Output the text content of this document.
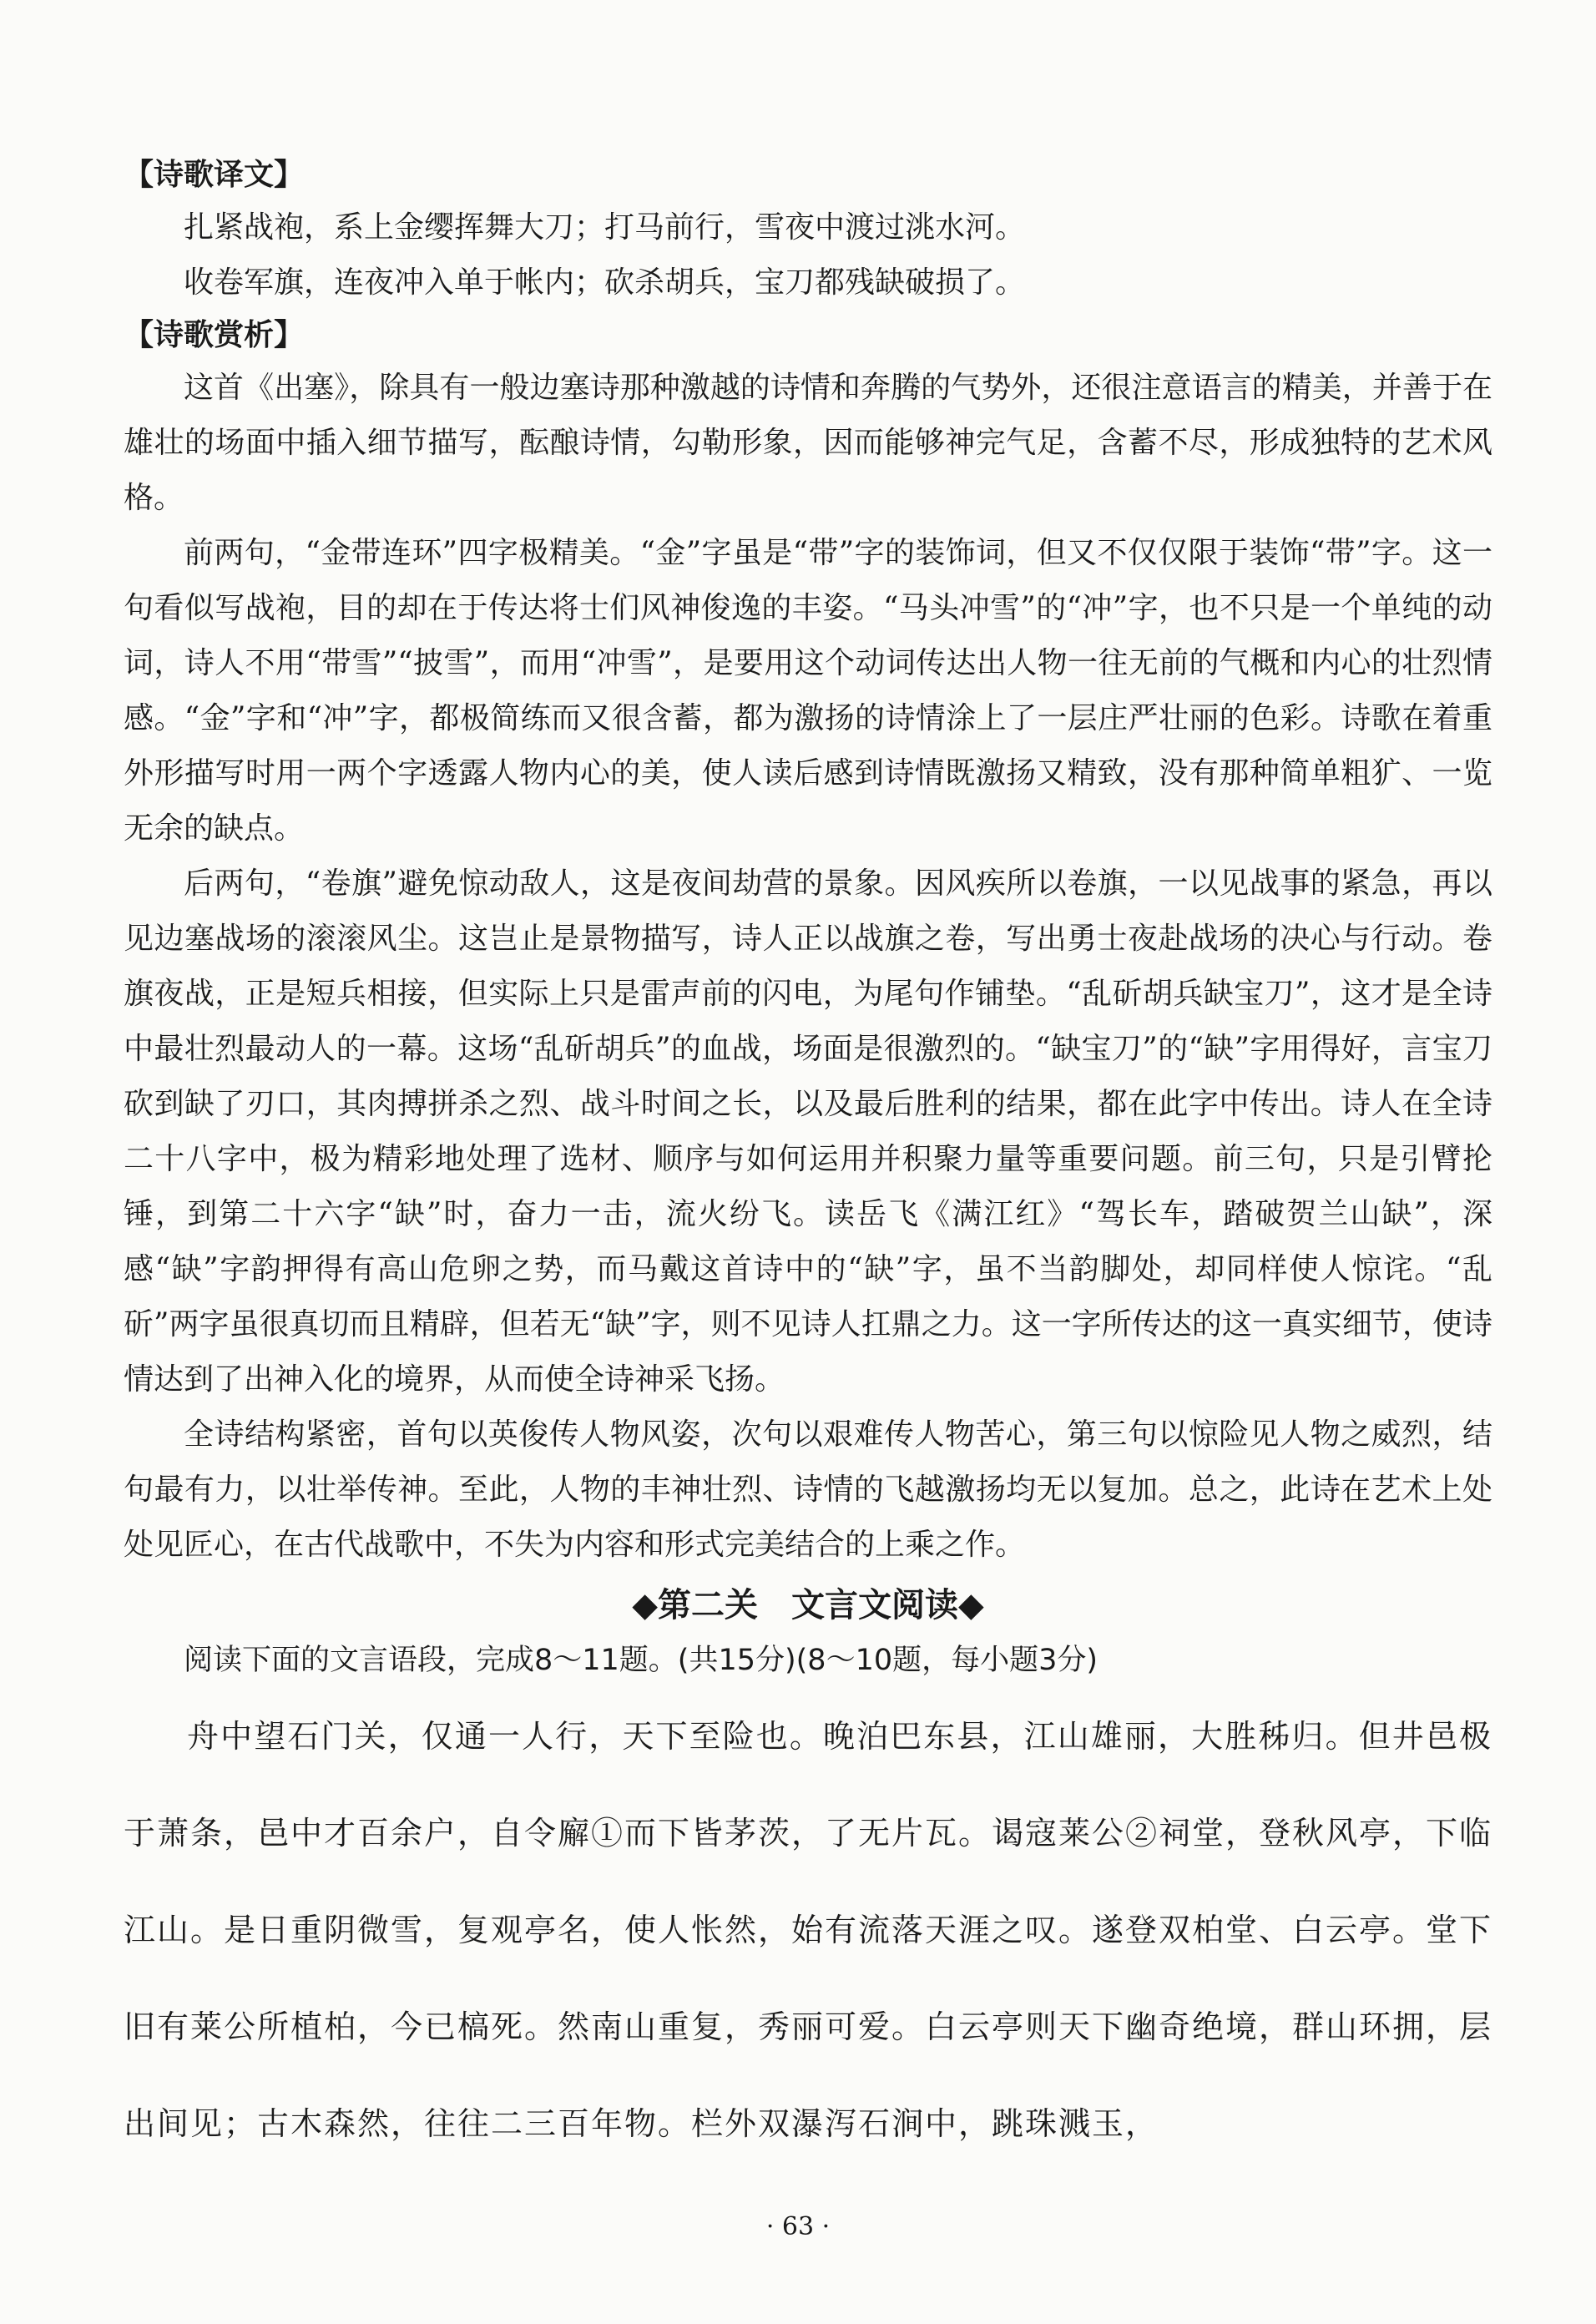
【诗歌译文】

扎紧战袍，系上金缨挥舞大刀；打马前行，雪夜中渡过洮水河。

收卷军旗，连夜冲入单于帐内；砍杀胡兵，宝刀都残缺破损了。

【诗歌赏析】

这首《出塞》，除具有一般边塞诗那种激越的诗情和奔腾的气势外，还很注意语言的精美，并善于在雄壮的场面中插入细节描写，酝酿诗情，勾勒形象，因而能够神完气足，含蓄不尽，形成独特的艺术风格。

前两句，“金带连环”四字极精美。“金”字虽是“带”字的装饰词，但又不仅仅限于装饰“带”字。这一句看似写战袍，目的却在于传达将士们风神俊逸的丰姿。“马头冲雪”的“冲”字，也不只是一个单纯的动词，诗人不用“带雪”“披雪”，而用“冲雪”，是要用这个动词传达出人物一往无前的气概和内心的壮烈情感。“金”字和“冲”字，都极简练而又很含蓄，都为激扬的诗情涂上了一层庄严壮丽的色彩。诗歌在着重外形描写时用一两个字透露人物内心的美，使人读后感到诗情既激扬又精致，没有那种简单粗犷、一览无余的缺点。

后两句，“卷旗”避免惊动敌人，这是夜间劫营的景象。因风疾所以卷旗，一以见战事的紧急，再以见边塞战场的滚滚风尘。这岂止是景物描写，诗人正以战旗之卷，写出勇士夜赴战场的决心与行动。卷旗夜战，正是短兵相接，但实际上只是雷声前的闪电，为尾句作铺垫。“乱斫胡兵缺宝刀”，这才是全诗中最壮烈最动人的一幕。这场“乱斫胡兵”的血战，场面是很激烈的。“缺宝刀”的“缺”字用得好，言宝刀砍到缺了刃口，其肉搏拼杀之烈、战斗时间之长，以及最后胜利的结果，都在此字中传出。诗人在全诗二十八字中，极为精彩地处理了选材、顺序与如何运用并积聚力量等重要问题。前三句，只是引臂抡锤，到第二十六字“缺”时，奋力一击，流火纷飞。读岳飞《满江红》“驾长车，踏破贺兰山缺”，深感“缺”字韵押得有高山危卵之势，而马戴这首诗中的“缺”字，虽不当韵脚处，却同样使人惊诧。“乱斫”两字虽很真切而且精辟，但若无“缺”字，则不见诗人扛鼎之力。这一字所传达的这一真实细节，使诗情达到了出神入化的境界，从而使全诗神采飞扬。

全诗结构紧密，首句以英俊传人物风姿，次句以艰难传人物苦心，第三句以惊险见人物之威烈，结句最有力，以壮举传神。至此，人物的丰神壮烈、诗情的飞越激扬均无以复加。总之，此诗在艺术上处处见匠心，在古代战歌中，不失为内容和形式完美结合的上乘之作。

◆第二关　文言文阅读◆

阅读下面的文言语段，完成8～11题。(共15分)(8～10题，每小题3分)

舟中望石门关，仅通一人行，天下至险也。晚泊巴东县，江山雄丽，大胜秭归。但井邑极于萧条，邑中才百余户，自令廨①而下皆茅茨，了无片瓦。谒寇莱公②祠堂，登秋风亭，下临江山。是日重阴微雪，复观亭名，使人怅然，始有流落天涯之叹。遂登双柏堂、白云亭。堂下旧有莱公所植柏，今已槁死。然南山重复，秀丽可爱。白云亭则天下幽奇绝境，群山环拥，层出间见；古木森然，往往二三百年物。栏外双瀑泻石涧中，跳珠溅玉，

· 63 ·
